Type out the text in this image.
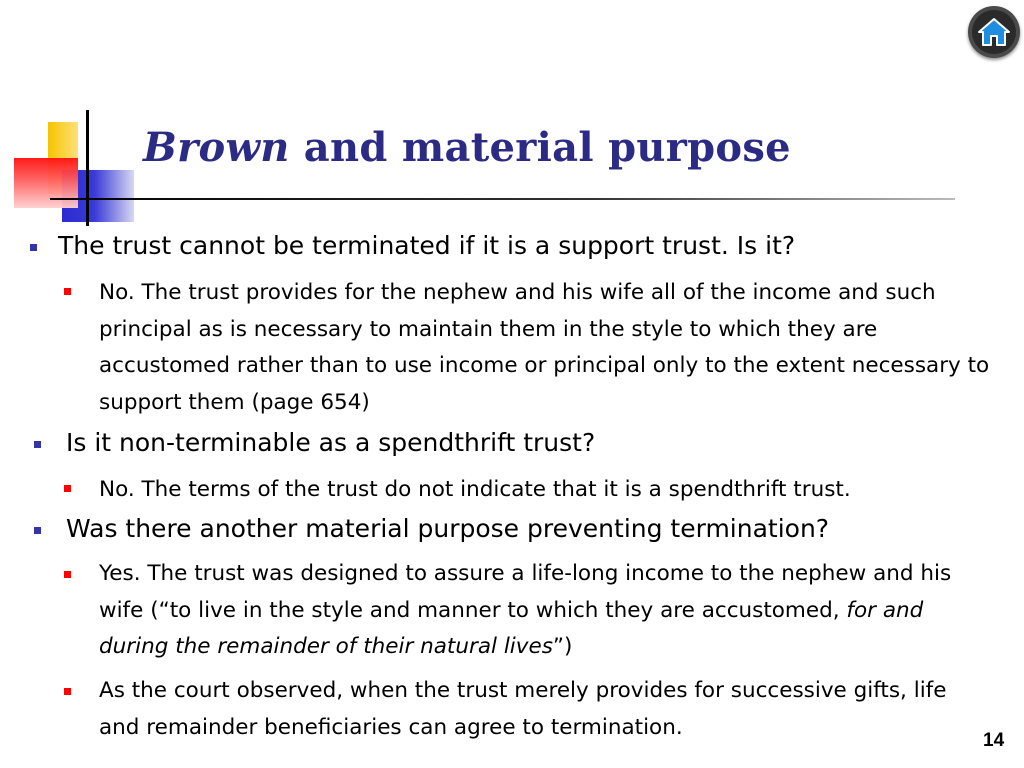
Brown and material purpose
The trust cannot be terminated if it is a support trust. Is it?
No. The trust provides for the nephew and his wife all of the income and such principal as is necessary to maintain them in the style to which they are accustomed rather than to use income or principal only to the extent necessary to support them (page 654)
Is it non-terminable as a spendthrift trust?
No. The terms of the trust do not indicate that it is a spendthrift trust.
Was there another material purpose preventing termination?
Yes. The trust was designed to assure a life-long income to the nephew and his wife (“to live in the style and manner to which they are accustomed, for and during the remainder of their natural lives”)
As the court observed, when the trust merely provides for successive gifts, life and remainder beneficiaries can agree to termination.
14
